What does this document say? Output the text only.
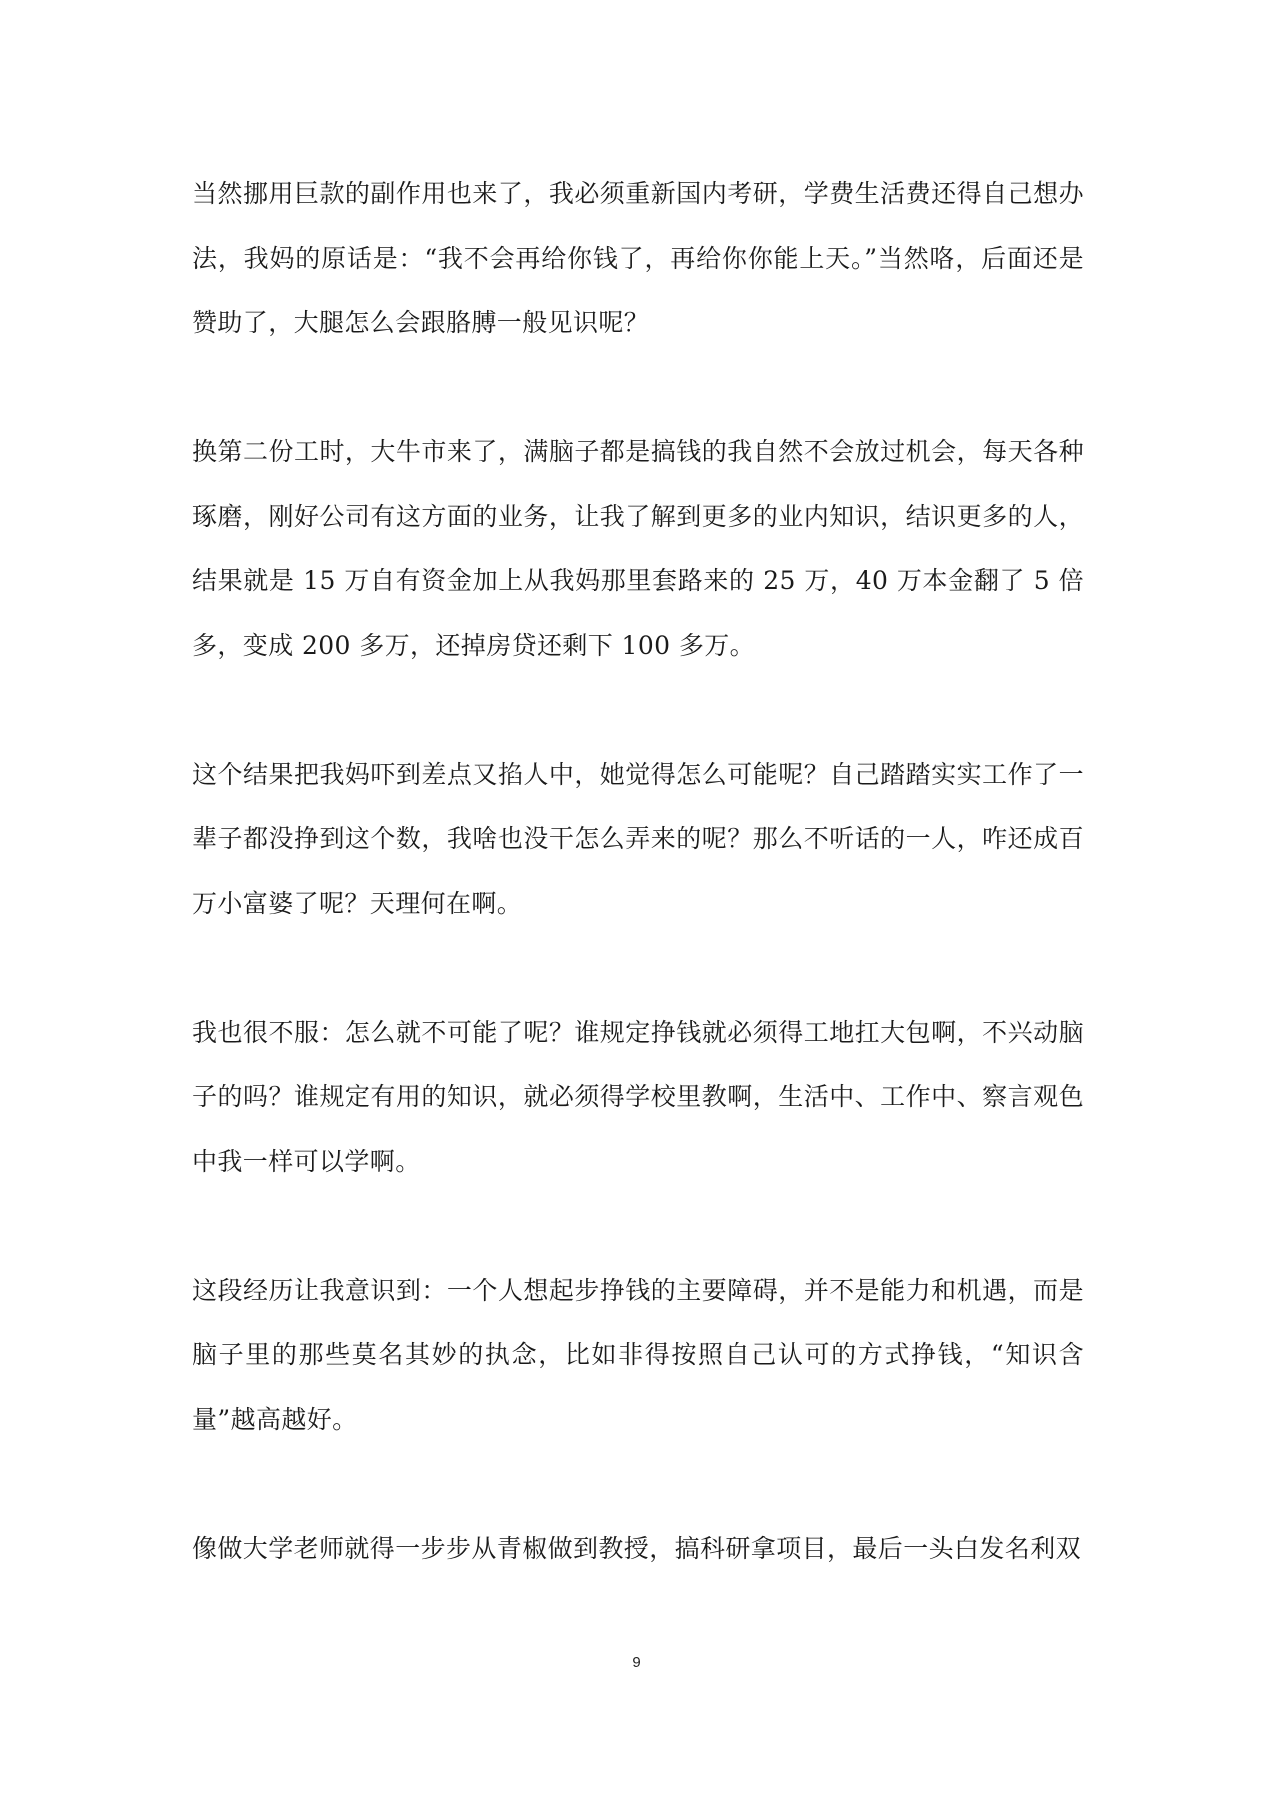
当然挪用巨款的副作用也来了，我必须重新国内考研，学费生活费还得自己想办法，我妈的原话是：“我不会再给你钱了，再给你你能上天。”当然咯，后面还是赞助了，大腿怎么会跟胳膊一般见识呢？

换第二份工时，大牛市来了，满脑子都是搞钱的我自然不会放过机会，每天各种琢磨，刚好公司有这方面的业务，让我了解到更多的业内知识，结识更多的人，结果就是 15 万自有资金加上从我妈那里套路来的 25 万，40 万本金翻了 5 倍多，变成 200 多万，还掉房贷还剩下 100 多万。

这个结果把我妈吓到差点又掐人中，她觉得怎么可能呢？自己踏踏实实工作了一辈子都没挣到这个数，我啥也没干怎么弄来的呢？那么不听话的一人，咋还成百万小富婆了呢？天理何在啊。

我也很不服：怎么就不可能了呢？谁规定挣钱就必须得工地扛大包啊，不兴动脑子的吗？谁规定有用的知识，就必须得学校里教啊，生活中、工作中、察言观色中我一样可以学啊。

这段经历让我意识到：一个人想起步挣钱的主要障碍，并不是能力和机遇，而是脑子里的那些莫名其妙的执念，比如非得按照自己认可的方式挣钱，“知识含量”越高越好。

像做大学老师就得一步步从青椒做到教授，搞科研拿项目，最后一头白发名利双

9
